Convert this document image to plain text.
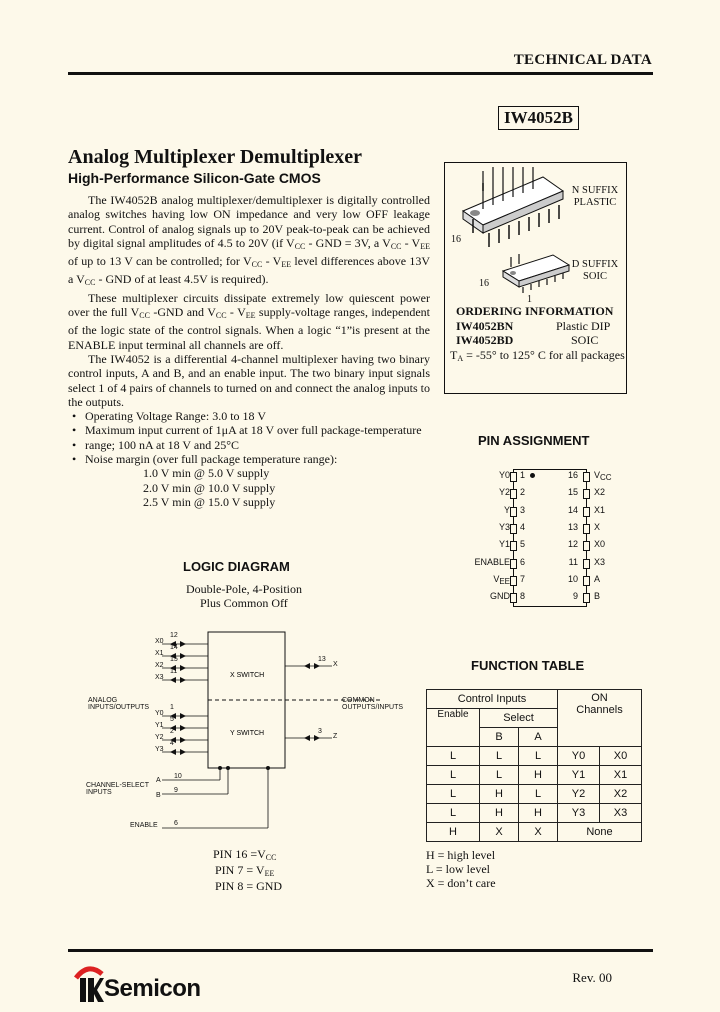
TECHNICAL DATA
IW4052B
Analog Multiplexer Demultiplexer
High-Performance Silicon-Gate CMOS

The IW4052B analog multiplexer/demultiplexer is digitally controlled analog switches having low ON impedance and very low OFF leakage current. Control of analog signals up to 20V peak-to-peak can be achieved by digital signal amplitudes of 4.5 to 20V (if $V_{CC}$ - GND = 3V, a $V_{CC} - V_{EE}$ of up to 13 V can be controlled; for $V_{CC} - V_{EE}$ level differences above 13V a $V_{CC}$ - GND of at least 4.5V is required).

These multiplexer circuits dissipate extremely low quiescent power over the full $V_{CC}$ -GND and $V_{CC} - V_{EE}$ supply-voltage ranges, independent of the logic state of the control signals. When a logic “1”is present at the ENABLE input terminal all channels are off.

The IW4052 is a differential 4-channel multiplexer having two binary control inputs, A and B, and an enable input. The two binary input signals select 1 of 4 pairs of channels to turned on and connect the analog inputs to the outputs.

• Operating Voltage Range: 3.0 to 18 V
• Maximum input current of 1μA at 18 V over full package-temperature
• range; 100 nA at 18 V and 25°C
• Noise margin (over full package temperature range):
1.0 V min @ 5.0 V supply
2.0 V min @ 10.0 V supply
2.5 V min @ 15.0 V supply
N SUFFIX
PLASTIC
16
16
1
D SUFFIX
SOIC
ORDERING INFORMATION
IW4052BN	Plastic DIP
IW4052BD	SOIC
$T_A = -55^\circ$ to 125° C for all packages
PIN ASSIGNMENT
Y0 1
Y2 2
Y 3
Y3 4
Y1 5
ENABLE 6
VEE 7
GND 8
16 VCC
15 X2
14 X1
13 X
12 X0
11 X3
10 A
9 B
LOGIC DIAGRAM
Double-Pole, 4-Position
Plus Common Off
X SWITCH
Y SWITCH
X0
12
X1
14
X2
15
X3
11
Y0
1
Y1
5
Y2
2
Y3
4
X
13
Z
3
A
10
B
9
6
ANALOG
INPUTS/OUTPUTS
COMMON
OUTPUTS/INPUTS
CHANNEL-SELECT
INPUTS
ENABLE
PIN $16 =V_{CC}$
PIN $7 = V_{EE}$
PIN 8 = GND
FUNCTION TABLE
Control Inputs			ON
Channels	

Enable	Select			
	B	A		
L	L	L	Y0	X0
L	L	H	Y1	X1
L	H	L	Y2	X2
L	H	H	Y3	X3
H	X	X	None	
H = high level
L = low level
X = don’t care
Semicon	Rev. 00
